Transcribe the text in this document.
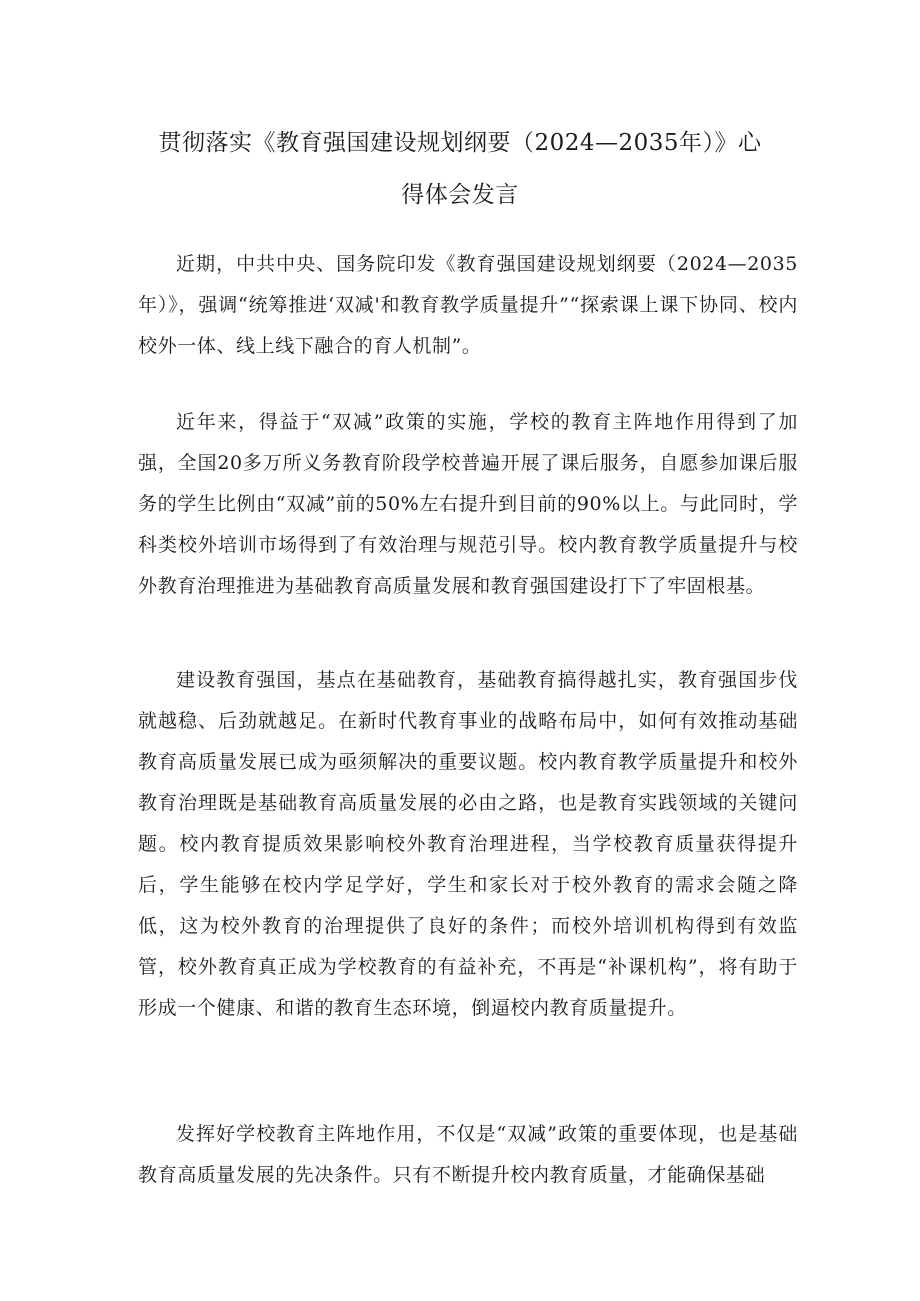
贯彻落实《教育强国建设规划纲要（2024—2035年）》心
得体会发言

近期，中共中央、国务院印发《教育强国建设规划纲要（2024—2035年）》，强调“统筹推进‘双减'和教育教学质量提升”“探索课上课下协同、校内校外一体、线上线下融合的育人机制”。

近年来，得益于“双减”政策的实施，学校的教育主阵地作用得到了加强，全国20多万所义务教育阶段学校普遍开展了课后服务，自愿参加课后服务的学生比例由“双减”前的50%左右提升到目前的90%以上。与此同时，学科类校外培训市场得到了有效治理与规范引导。校内教育教学质量提升与校外教育治理推进为基础教育高质量发展和教育强国建设打下了牢固根基。

建设教育强国，基点在基础教育，基础教育搞得越扎实，教育强国步伐就越稳、后劲就越足。在新时代教育事业的战略布局中，如何有效推动基础教育高质量发展已成为亟须解决的重要议题。校内教育教学质量提升和校外教育治理既是基础教育高质量发展的必由之路，也是教育实践领域的关键问题。校内教育提质效果影响校外教育治理进程，当学校教育质量获得提升后，学生能够在校内学足学好，学生和家长对于校外教育的需求会随之降低，这为校外教育的治理提供了良好的条件；而校外培训机构得到有效监管，校外教育真正成为学校教育的有益补充，不再是“补课机构”，将有助于形成一个健康、和谐的教育生态环境，倒逼校内教育质量提升。

发挥好学校教育主阵地作用，不仅是“双减”政策的重要体现，也是基础教育高质量发展的先决条件。只有不断提升校内教育质量，才能确保基础
